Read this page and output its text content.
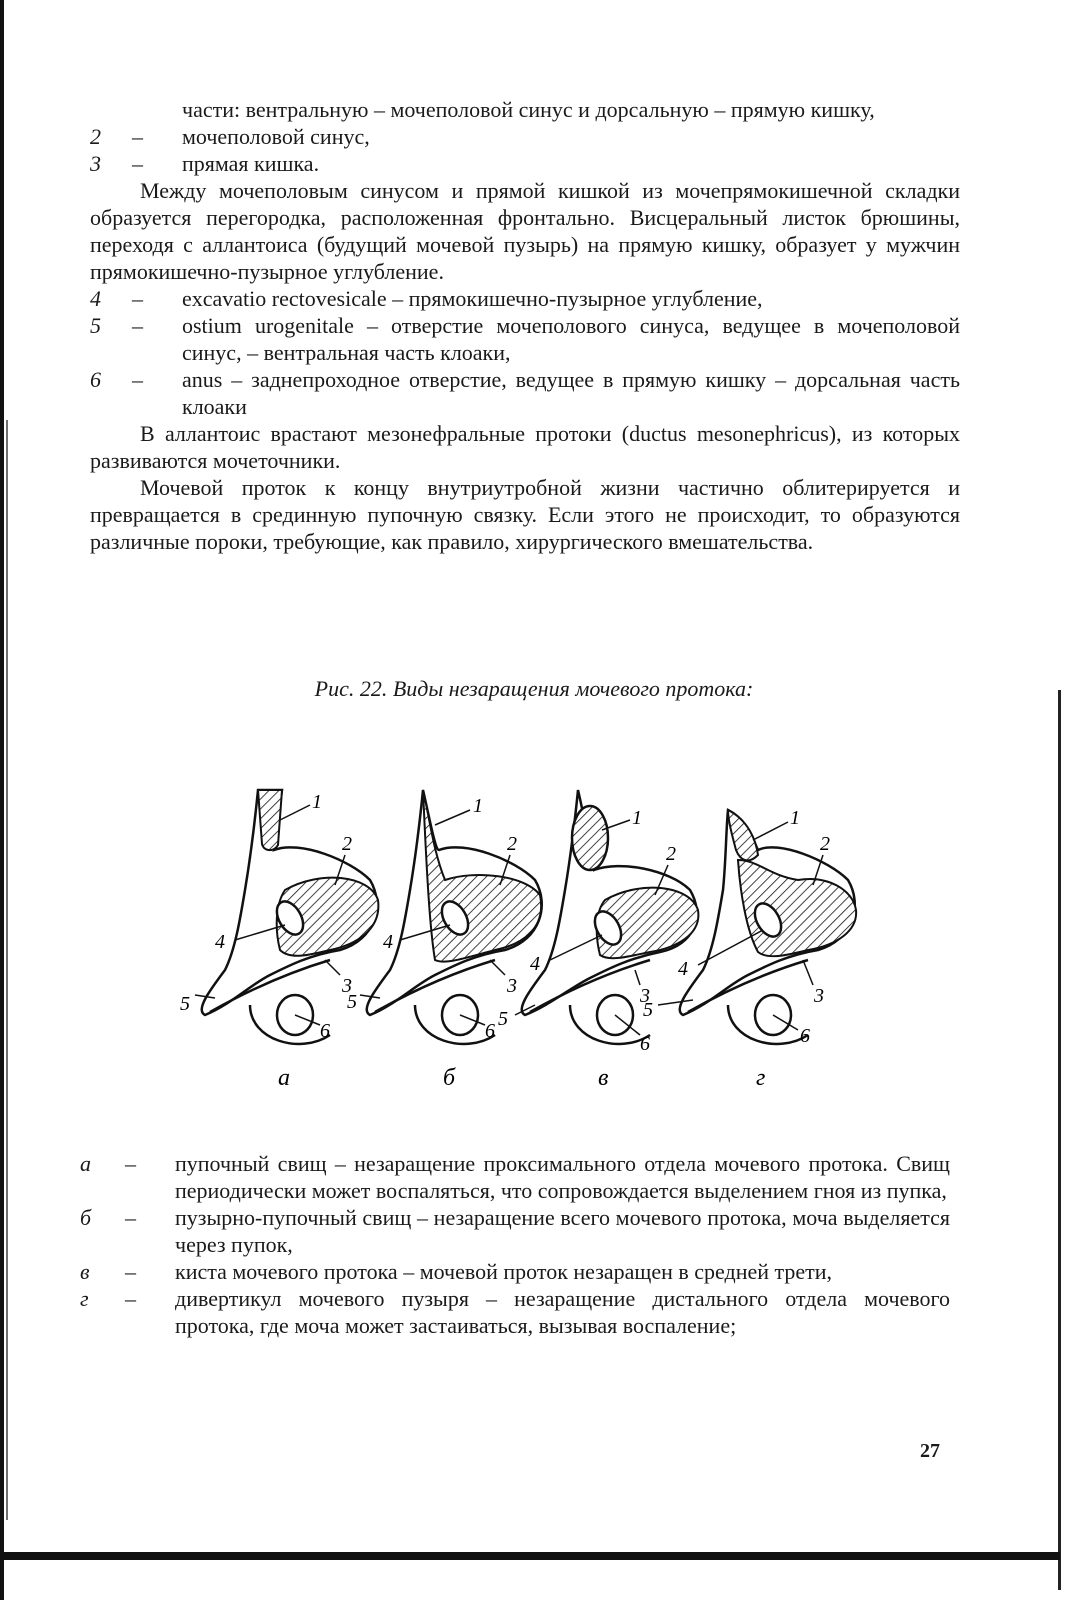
части: вентральную – мочеполовой синус и дорсальную – прямую кишку,

2	–	мочеполовой синус,
3	–	прямая кишка.

Между мочеполовым синусом и прямой кишкой из мочепрямокишечной складки образуется перегородка, расположенная фронтально. Висцеральный листок брюшины, переходя с аллантоиса (будущий мочевой пузырь) на прямую кишку, образует у мужчин прямокишечно-пузырное углубление.

4	–	excavatio rectovesicale – прямокишечно-пузырное углубление,
5	–	ostium urogenitale – отверстие мочеполового синуса, ведущее в мочеполовой синус, – вентральная часть клоаки,
6	–	anus – заднепроходное отверстие, ведущее в прямую кишку – дорсальная часть клоаки

В аллантоис врастают мезонефральные протоки (ductus mesonephricus), из которых развиваются мочеточники.

Мочевой проток к концу внутриутробной жизни частично облитерируется и превращается в срединную пупочную связку. Если этого не происходит, то образуются различные пороки, требующие, как правило, хирургического вмешательства.

Рис. 22. Виды незаращения мочевого протока:
1
2
3
4
5
6
а
1
2
3
4
5
6
б
1
2
3
4
5
6
в
1
2
3
4
5
6
г
а	–	пупочный свищ – незаращение проксимального отдела мочевого протока. Свищ периодически может воспаляться, что сопровождается выделением гноя из пупка,
б	–	пузырно-пупочный свищ – незаращение всего мочевого протока, моча выделяется через пупок,
в	–	киста мочевого протока – мочевой проток незаращен в средней трети,
г	–	дивертикул мочевого пузыря – незаращение дистального отдела мочевого протока, где моча может застаиваться, вызывая воспаление;
27
